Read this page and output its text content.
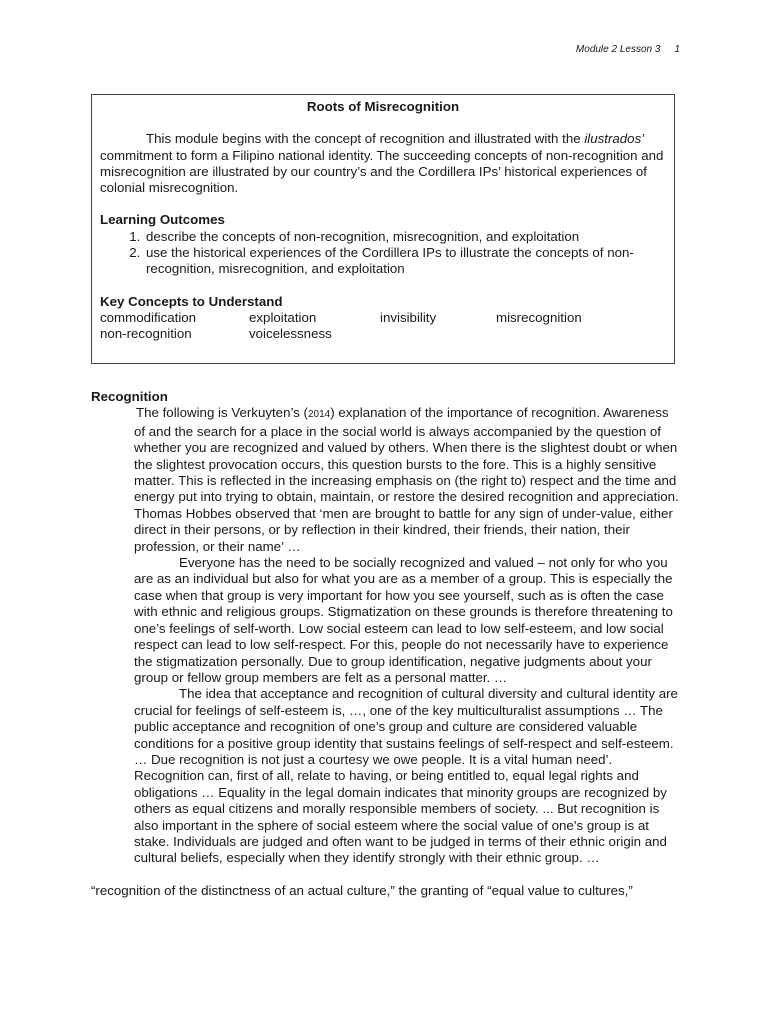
Module 2 Lesson 3 1
Roots of Misrecognition
This module begins with the concept of recognition and illustrated with the ilustrados’ commitment to form a Filipino national identity. The succeeding concepts of non-recognition and misrecognition are illustrated by our country’s and the Cordillera IPs’ historical experiences of colonial misrecognition.
Learning Outcomes
1. describe the concepts of non-recognition, misrecognition, and exploitation
2. use the historical experiences of the Cordillera IPs to illustrate the concepts of non-recognition, misrecognition, and exploitation
Key Concepts to Understand
commodification	exploitation	invisibility	misrecognition
non-recognition	voicelessness
Recognition

The following is Verkuyten’s (2014) explanation of the importance of recognition. Awareness of and the search for a place in the social world is always accompanied by the question of whether you are recognized and valued by others. When there is the slightest doubt or when the slightest provocation occurs, this question bursts to the fore. This is a highly sensitive matter. This is reflected in the increasing emphasis on (the right to) respect and the time and energy put into trying to obtain, maintain, or restore the desired recognition and appreciation. Thomas Hobbes observed that ‘men are brought to battle for any sign of under-value, either direct in their persons, or by reflection in their kindred, their friends, their nation, their profession, or their name’ …

Everyone has the need to be socially recognized and valued – not only for who you are as an individual but also for what you are as a member of a group. This is especially the case when that group is very important for how you see yourself, such as is often the case with ethnic and religious groups. Stigmatization on these grounds is therefore threatening to one’s feelings of self-worth. Low social esteem can lead to low self-esteem, and low social respect can lead to low self-respect. For this, people do not necessarily have to experience the stigmatization personally. Due to group identification, negative judgments about your group or fellow group members are felt as a personal matter. …

The idea that acceptance and recognition of cultural diversity and cultural identity are crucial for feelings of self-esteem is, …, one of the key multiculturalist assumptions … The public acceptance and recognition of one’s group and culture are considered valuable conditions for a positive group identity that sustains feelings of self-respect and self-esteem. … Due recognition is not just a courtesy we owe people. It is a vital human need’. Recognition can, first of all, relate to having, or being entitled to, equal legal rights and obligations … Equality in the legal domain indicates that minority groups are recognized by others as equal citizens and morally responsible members of society. ... But recognition is also important in the sphere of social esteem where the social value of one’s group is at stake. Individuals are judged and often want to be judged in terms of their ethnic origin and cultural beliefs, especially when they identify strongly with their ethnic group. …

“recognition of the distinctness of an actual culture,” the granting of “equal value to cultures,”
